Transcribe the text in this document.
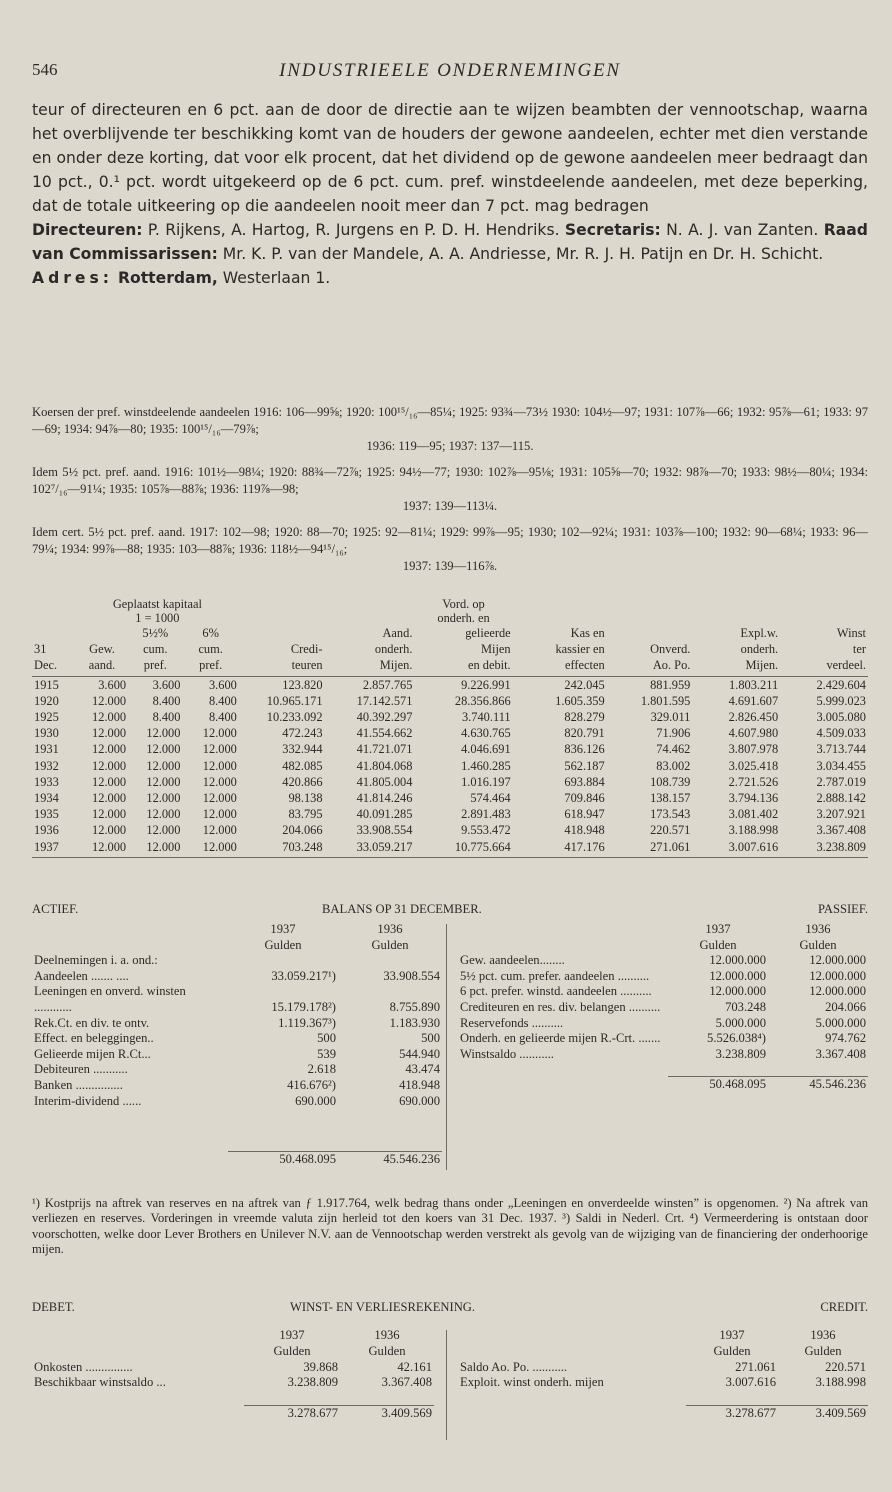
546	INDUSTRIEELE ONDERNEMINGEN

teur of directeuren en 6 pct. aan de door de directie aan te wijzen beambten der vennootschap, waarna het overblijvende ter beschikking komt van de houders der gewone aandeelen, echter met dien verstande en onder deze korting, dat voor elk procent, dat het dividend op de gewone aandeelen meer bedraagt dan 10 pct., 0.¹ pct. wordt uitgekeerd op de 6 pct. cum. pref. winstdeelende aandeelen, met deze beperking, dat de totale uitkeering op die aandeelen nooit meer dan 7 pct. mag bedragen

Directeuren: P. Rijkens, A. Hartog, R. Jurgens en P. D. H. Hendriks. Secretaris: N. A. J. van Zanten. Raad van Commissarissen: Mr. K. P. van der Mandele, A. A. Andriesse, Mr. R. J. H. Patijn en Dr. H. Schicht.

Adres: Rotterdam, Westerlaan 1.

Koersen der pref. winstdeelende aandeelen 1916: 106—99⅝; 1920: 100¹⁵/₁₆—85¼; 1925: 93¾—73½ 1930: 104½—97; 1931: 107⅞—66; 1932: 95⅞—61; 1933: 97—69; 1934: 94⅞—80; 1935: 100¹⁵/₁₆—79⅞;
1936: 119—95; 1937: 137—115.

Idem 5½ pct. pref. aand. 1916: 101½—98¼; 1920: 88¾—72⅞; 1925: 94½—77; 1930: 102⅞—95⅛; 1931: 105⅝—70; 1932: 98⅞—70; 1933: 98½—80¼; 1934: 102⁷/₁₆—91¼; 1935: 105⅞—88⅞; 1936: 119⅞—98;
1937: 139—113¼.

Idem cert. 5½ pct. pref. aand. 1917: 102—98; 1920: 88—70; 1925: 92—81¼; 1929: 99⅞—95; 1930; 102—92¼; 1931: 103⅞—100; 1932: 90—68¼; 1933: 96—79¼; 1934: 99⅞—88; 1935: 103—88⅞; 1936: 118½—94¹⁵/₁₆;
1937: 139—116⅞.

	Geplaatst kapitaal					Vord. op				
	1 = 1000					onderh. en				
		5½%	6%		Aand.	gelieerde	Kas en		Expl.w.	Winst
31	Gew.	cum.	cum.	Credi-	onderh.	Mijen	kassier en	Onverd.	onderh.	ter
Dec.	aand.	pref.	pref.	teuren	Mijen.	en debit.	effecten	Ao. Po.	Mijen.	verdeel.

1915	3.600	3.600	3.600	123.820	2.857.765	9.226.991	242.045	881.959	1.803.211	2.429.604
1920	12.000	8.400	8.400	10.965.171	17.142.571	28.356.866	1.605.359	1.801.595	4.691.607	5.999.023
1925	12.000	8.400	8.400	10.233.092	40.392.297	3.740.111	828.279	329.011	2.826.450	3.005.080
1930	12.000	12.000	12.000	472.243	41.554.662	4.630.765	820.791	71.906	4.607.980	4.509.033
1931	12.000	12.000	12.000	332.944	41.721.071	4.046.691	836.126	74.462	3.807.978	3.713.744
1932	12.000	12.000	12.000	482.085	41.804.068	1.460.285	562.187	83.002	3.025.418	3.034.455
1933	12.000	12.000	12.000	420.866	41.805.004	1.016.197	693.884	108.739	2.721.526	2.787.019
1934	12.000	12.000	12.000	98.138	41.814.246	574.464	709.846	138.157	3.794.136	2.888.142
1935	12.000	12.000	12.000	83.795	40.091.285	2.891.483	618.947	173.543	3.081.402	3.207.921
1936	12.000	12.000	12.000	204.066	33.908.554	9.553.472	418.948	220.571	3.188.998	3.367.408
1937	12.000	12.000	12.000	703.248	33.059.217	10.775.664	417.176	271.061	3.007.616	3.238.809

ACTIEF.	BALANS OP 31 DECEMBER.	PASSIEF.
	1937	1936
	Gulden	Gulden
Deelnemingen i. a. ond.:		
Aandeelen ....... ....	33.059.217¹)	33.908.554
Leeningen en onverd. winsten ............	15.179.178²)	8.755.890
Rek.Ct. en div. te ontv.	1.119.367³)	1.183.930
Effect. en beleggingen..	500	500
Gelieerde mijen R.Ct...	539	544.940
Debiteuren ...........	2.618	43.474
Banken ...............	416.676²)	418.948
Interim-dividend ......	690.000	690.000

	50.468.095	45.546.236
	1937	1936
	Gulden	Gulden
Gew. aandeelen........	12.000.000	12.000.000
5½ pct. cum. prefer. aandeelen ..........	12.000.000	12.000.000
6 pct. prefer. winstd. aandeelen ..........	12.000.000	12.000.000
Crediteuren en res. div. belangen ..........	703.248	204.066
Reservefonds ..........	5.000.000	5.000.000
Onderh. en gelieerde mijen R.-Crt. .......	5.526.038⁴)	974.762
Winstsaldo ...........	3.238.809	3.367.408

	50.468.095	45.546.236

¹) Kostprijs na aftrek van reserves en na aftrek van ƒ 1.917.764, welk bedrag thans onder „Leeningen en onverdeelde winsten” is opgenomen. ²) Na aftrek van verliezen en reserves. Vorderingen in vreemde valuta zijn herleid tot den koers van 31 Dec. 1937. ³) Saldi in Nederl. Crt. ⁴) Vermeerdering is ontstaan door voorschotten, welke door Lever Brothers en Unilever N.V. aan de Vennootschap werden verstrekt als gevolg van de wijziging van de financiering der onderhoorige mijen.

DEBET.	WINST- EN VERLIESREKENING.	CREDIT.
	1937	1936
	Gulden	Gulden
Onkosten ...............	39.868	42.161
Beschikbaar winstsaldo ...	3.238.809	3.367.408

	3.278.677	3.409.569
	1937	1936
	Gulden	Gulden
Saldo Ao. Po. ...........	271.061	220.571
Exploit. winst onderh. mijen	3.007.616	3.188.998

	3.278.677	3.409.569
